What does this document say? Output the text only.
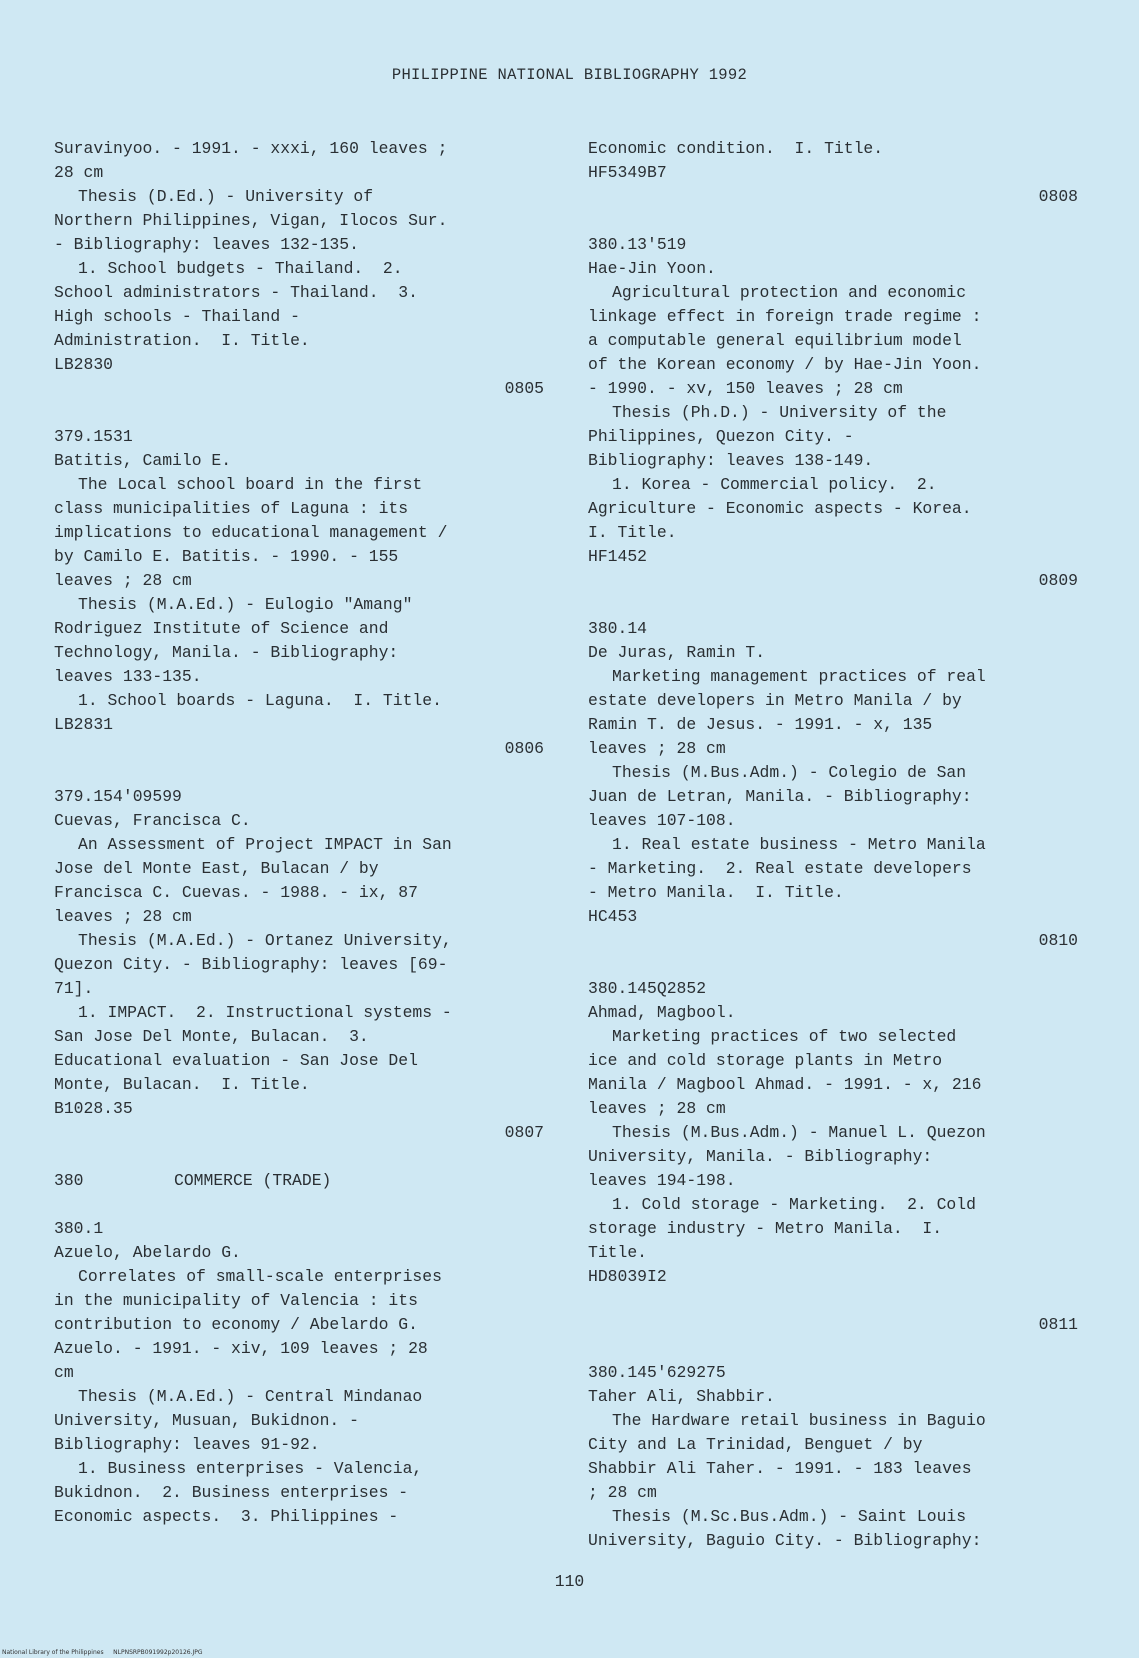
PHILIPPINE NATIONAL BIBLIOGRAPHY 1992
Suravinyoo. - 1991. - xxxi, 160 leaves ;
28 cm
Thesis (D.Ed.) - University of
Northern Philippines, Vigan, Ilocos Sur.
- Bibliography: leaves 132-135.
1. School budgets - Thailand.  2.
School administrators - Thailand.  3.
High schools - Thailand -
Administration.  I. Title.
LB2830
0805
379.1531
Batitis, Camilo E.
The Local school board in the first
class municipalities of Laguna : its
implications to educational management /
by Camilo E. Batitis. - 1990. - 155
leaves ; 28 cm
Thesis (M.A.Ed.) - Eulogio "Amang"
Rodriguez Institute of Science and
Technology, Manila. - Bibliography:
leaves 133-135.
1. School boards - Laguna.  I. Title.
LB2831
0806
379.154'09599
Cuevas, Francisca C.
An Assessment of Project IMPACT in San
Jose del Monte East, Bulacan / by
Francisca C. Cuevas. - 1988. - ix, 87
leaves ; 28 cm
Thesis (M.A.Ed.) - Ortanez University,
Quezon City. - Bibliography: leaves [69-
71].
1. IMPACT.  2. Instructional systems -
San Jose Del Monte, Bulacan.  3.
Educational evaluation - San Jose Del
Monte, Bulacan.  I. Title.
B1028.35
0807
380	COMMERCE (TRADE)
380.1
Azuelo, Abelardo G.
Correlates of small-scale enterprises
in the municipality of Valencia : its
contribution to economy / Abelardo G.
Azuelo. - 1991. - xiv, 109 leaves ; 28
cm
Thesis (M.A.Ed.) - Central Mindanao
University, Musuan, Bukidnon. -
Bibliography: leaves 91-92.
1. Business enterprises - Valencia,
Bukidnon.  2. Business enterprises -
Economic aspects.  3. Philippines -
Economic condition.  I. Title.
HF5349B7
0808
380.13'519
Hae-Jin Yoon.
Agricultural protection and economic
linkage effect in foreign trade regime :
a computable general equilibrium model
of the Korean economy / by Hae-Jin Yoon.
- 1990. - xv, 150 leaves ; 28 cm
Thesis (Ph.D.) - University of the
Philippines, Quezon City. -
Bibliography: leaves 138-149.
1. Korea - Commercial policy.  2.
Agriculture - Economic aspects - Korea.
I. Title.
HF1452
0809
380.14
De Juras, Ramin T.
Marketing management practices of real
estate developers in Metro Manila / by
Ramin T. de Jesus. - 1991. - x, 135
leaves ; 28 cm
Thesis (M.Bus.Adm.) - Colegio de San
Juan de Letran, Manila. - Bibliography:
leaves 107-108.
1. Real estate business - Metro Manila
- Marketing.  2. Real estate developers
- Metro Manila.  I. Title.
HC453
0810
380.145Q2852
Ahmad, Magbool.
Marketing practices of two selected
ice and cold storage plants in Metro
Manila / Magbool Ahmad. - 1991. - x, 216
leaves ; 28 cm
Thesis (M.Bus.Adm.) - Manuel L. Quezon
University, Manila. - Bibliography:
leaves 194-198.
1. Cold storage - Marketing.  2. Cold
storage industry - Metro Manila.  I.
Title.
HD8039I2
0811
380.145'629275
Taher Ali, Shabbir.
The Hardware retail business in Baguio
City and La Trinidad, Benguet / by
Shabbir Ali Taher. - 1991. - 183 leaves
; 28 cm
Thesis (M.Sc.Bus.Adm.) - Saint Louis
University, Baguio City. - Bibliography:
110
National Library of the Philippines NLPNSRPB091992p20126.JPG
